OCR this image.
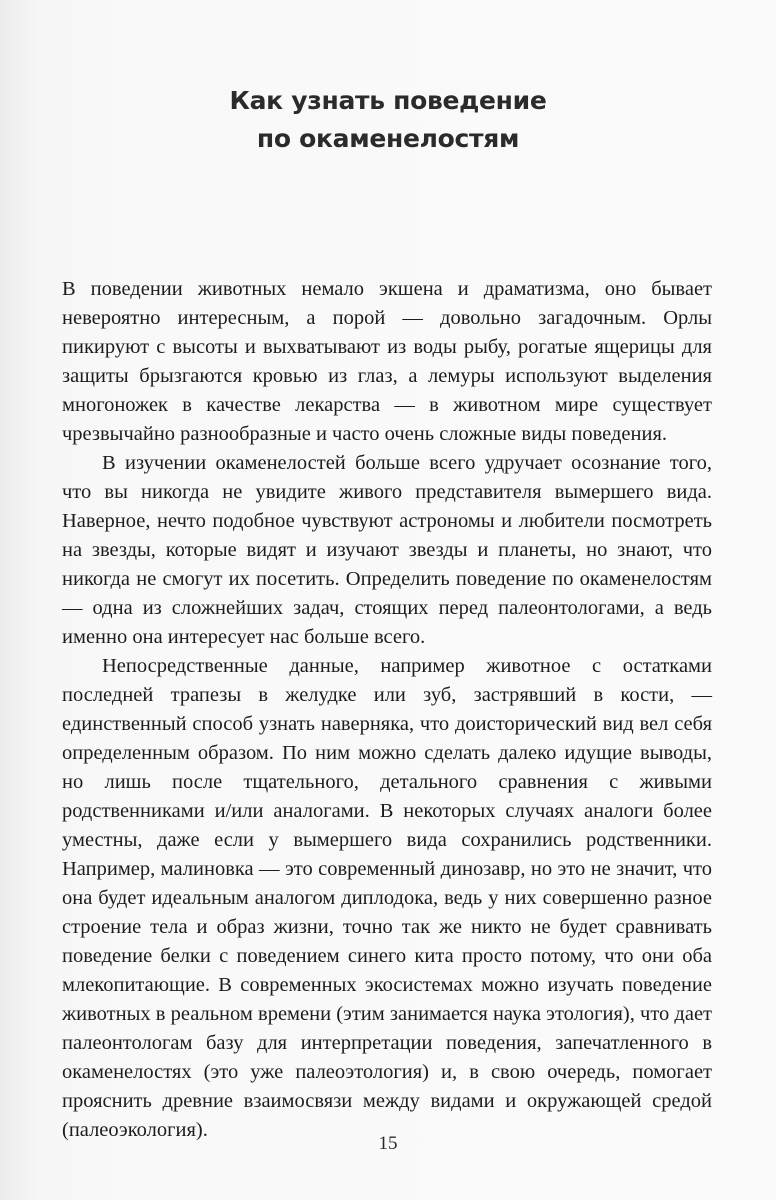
Как узнать поведение
по окаменелостям

В поведении животных немало экшена и драматизма, оно бывает невероятно интересным, а порой — довольно загадочным. Орлы пикируют с высоты и выхватывают из воды рыбу, рогатые ящерицы для защиты брызгаются кровью из глаз, а лемуры используют выделения многоножек в качестве лекарства — в животном мире существует чрезвычайно разнообразные и часто очень сложные виды поведения.

В изучении окаменелостей больше всего удручает осознание того, что вы никогда не увидите живого представителя вымершего вида. Наверное, нечто подобное чувствуют астрономы и любители посмотреть на звезды, которые видят и изучают звезды и планеты, но знают, что никогда не смогут их посетить. Определить поведение по окаменелостям — одна из сложнейших задач, стоящих перед палеонтологами, а ведь именно она интересует нас больше всего.

Непосредственные данные, например животное с остатками последней трапезы в желудке или зуб, застрявший в кости, — единственный способ узнать наверняка, что доисторический вид вел себя определенным образом. По ним можно сделать далеко идущие выводы, но лишь после тщательного, детального сравнения с живыми родственниками и/или аналогами. В некоторых случаях аналоги более уместны, даже если у вымершего вида сохранились родственники. Например, малиновка — это современный динозавр, но это не значит, что она будет идеальным аналогом диплодока, ведь у них совершенно разное строение тела и образ жизни, точно так же никто не будет сравнивать поведение белки с поведением синего кита просто потому, что они оба млекопитающие. В современных экосистемах можно изучать поведение животных в реальном времени (этим занимается наука этология), что дает палеонтологам базу для интерпретации поведения, запечатленного в окаменелостях (это уже палеоэтология) и, в свою очередь, помогает прояснить древние взаимосвязи между видами и окружающей средой (палеоэкология).

15
